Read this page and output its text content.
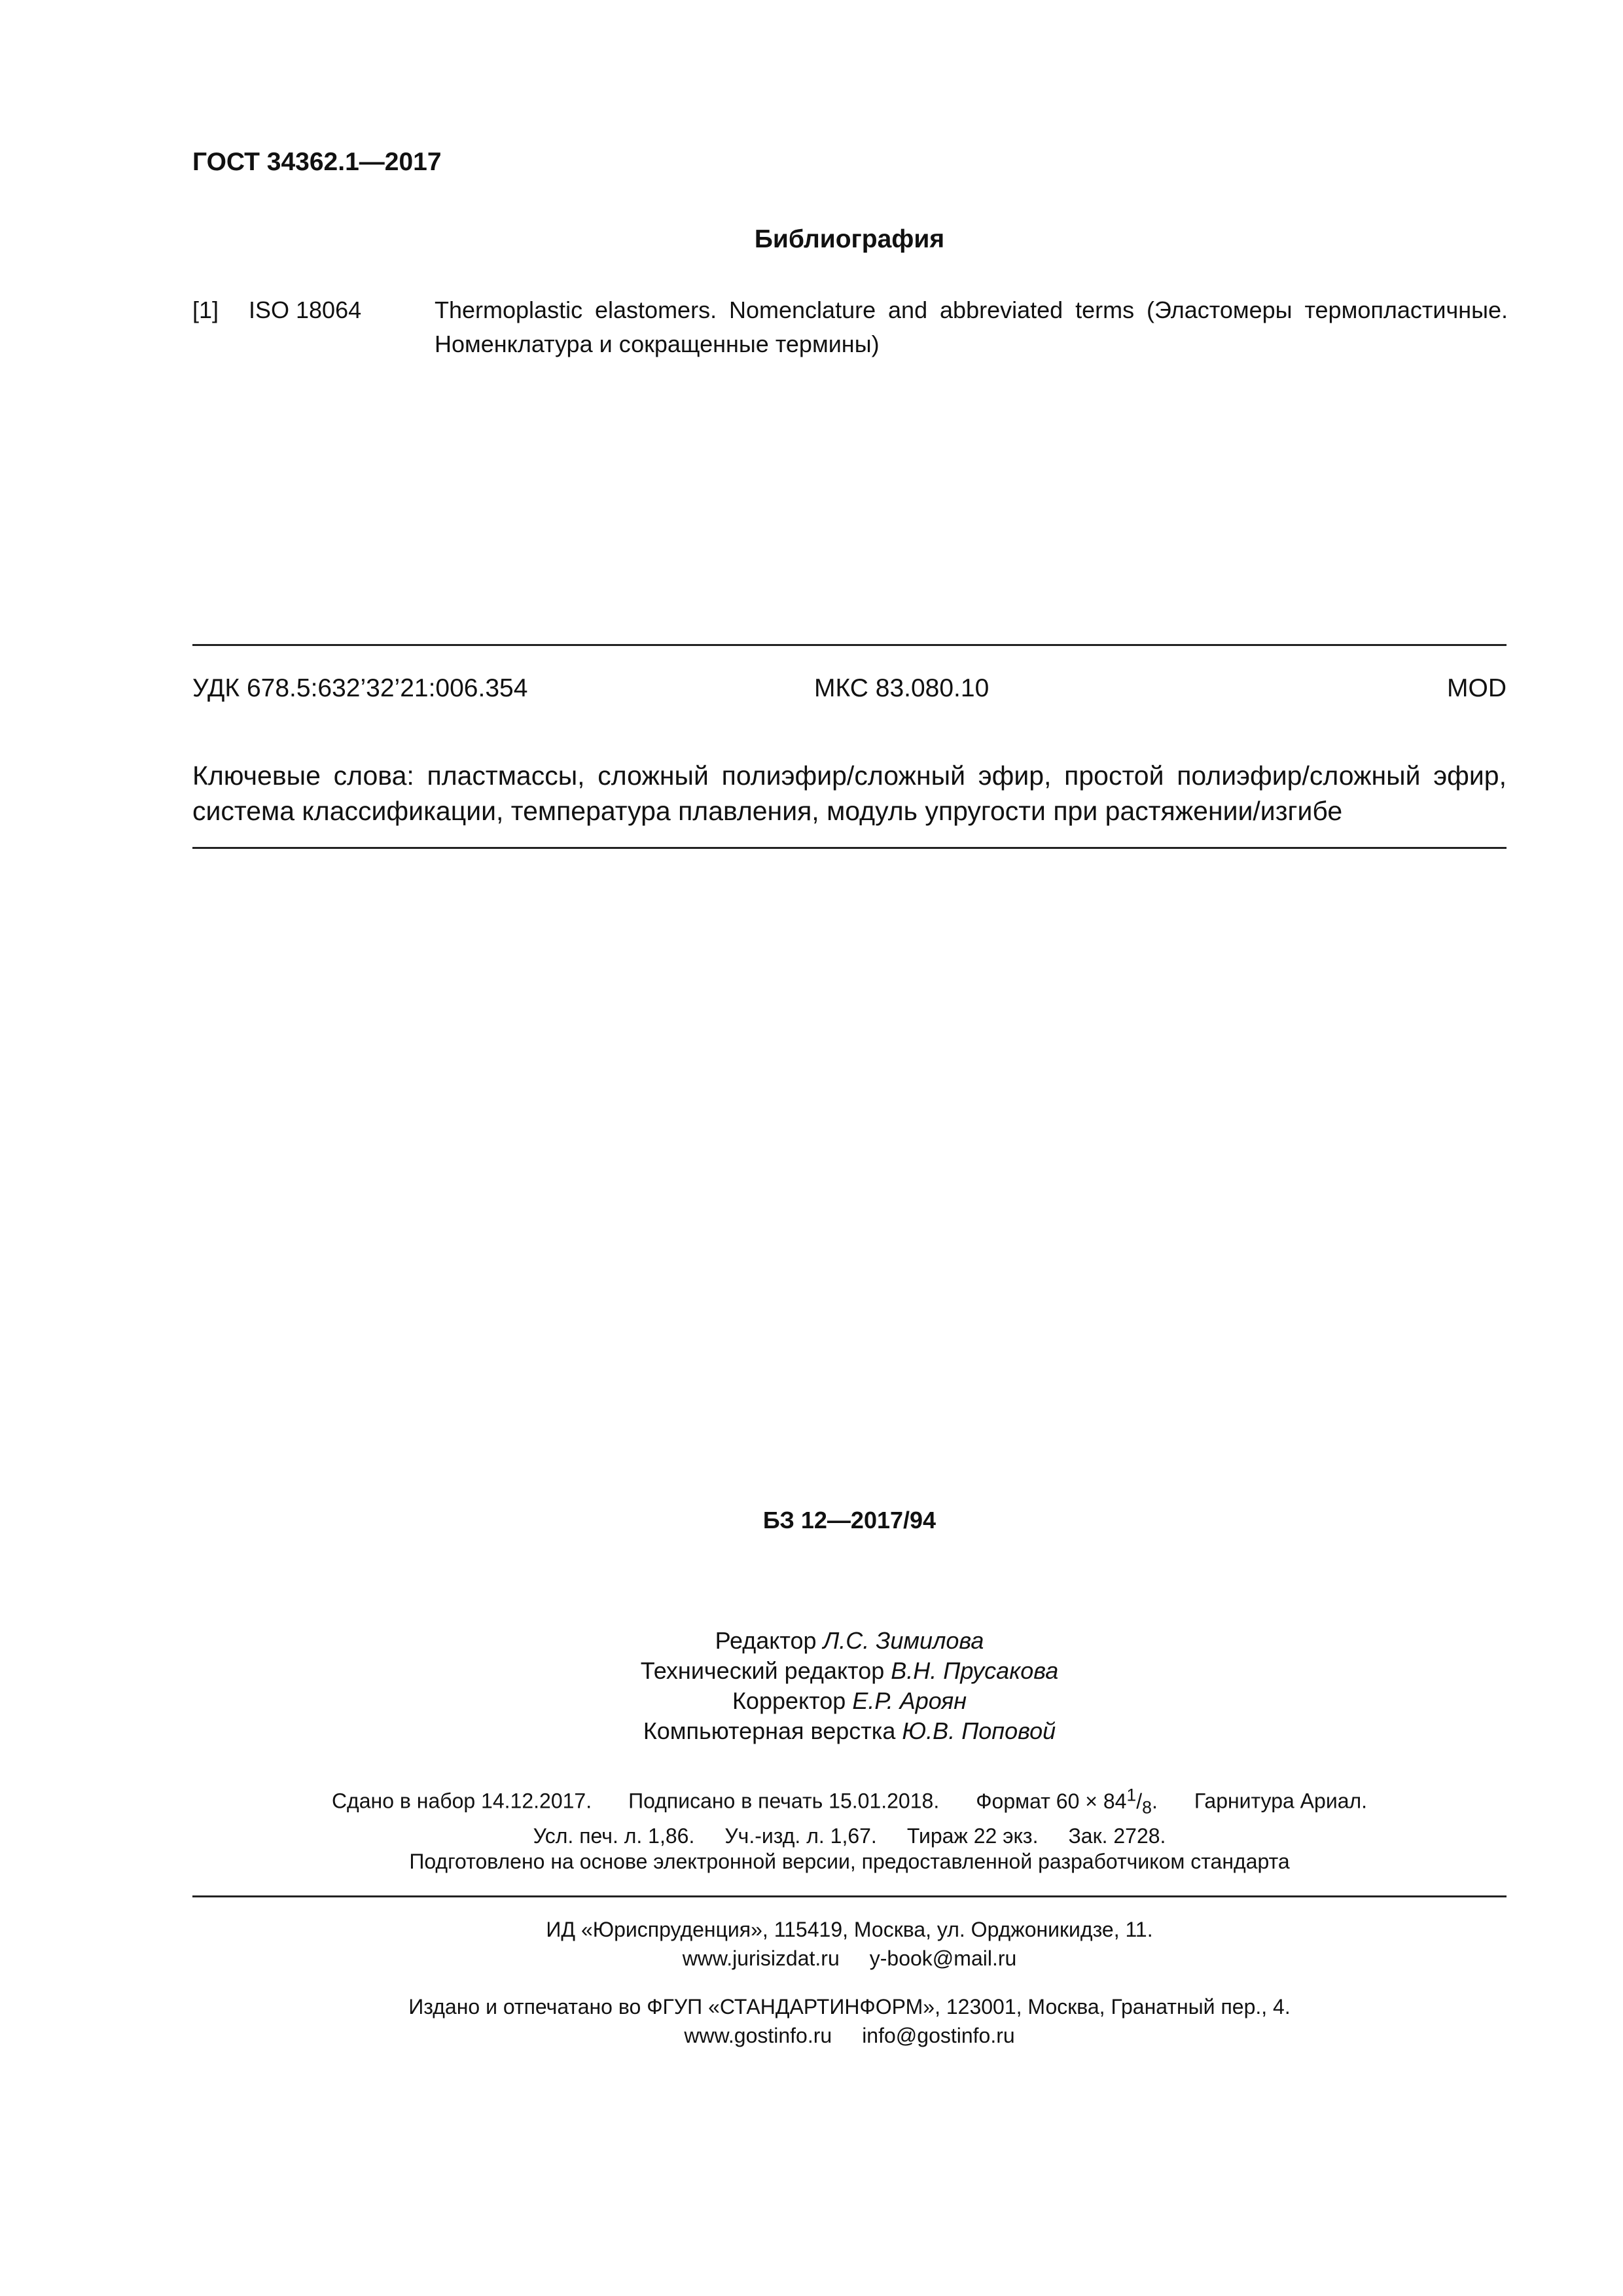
ГОСТ 34362.1—2017
Библиография
[1] ISO 18064	Thermoplastic elastomers. Nomenclature and abbreviated terms (Эластомеры термопластичные. Номенклатура и сокращенные термины)
УДК 678.5:632’32’21:006.354	МКС 83.080.10	MOD
Ключевые слова: пластмассы, сложный полиэфир/сложный эфир, простой полиэфир/сложный эфир, система классификации, температура плавления, модуль упругости при растяжении/изгибе
БЗ 12—2017/94
Редактор Л.С. Зимилова
Технический редактор В.Н. Прусакова
Корректор Е.Р. Ароян
Компьютерная верстка Ю.В. Поповой
Сдано в набор 14.12.2017. Подписано в печать 15.01.2018. Формат $60 \times 84^1/_8$. Гарнитура Ариал.
Усл. печ. л. 1,86. Уч.-изд. л. 1,67. Тираж 22 экз. Зак. 2728.
Подготовлено на основе электронной версии, предоставленной разработчиком стандарта
ИД «Юриспруденция», 115419, Москва, ул. Орджоникидзе, 11.
www.jurisizdat.ru y-book@mail.ru
Издано и отпечатано во ФГУП «СТАНДАРТИНФОРМ», 123001, Москва, Гранатный пер., 4.
www.gostinfo.ru info@gostinfo.ru
